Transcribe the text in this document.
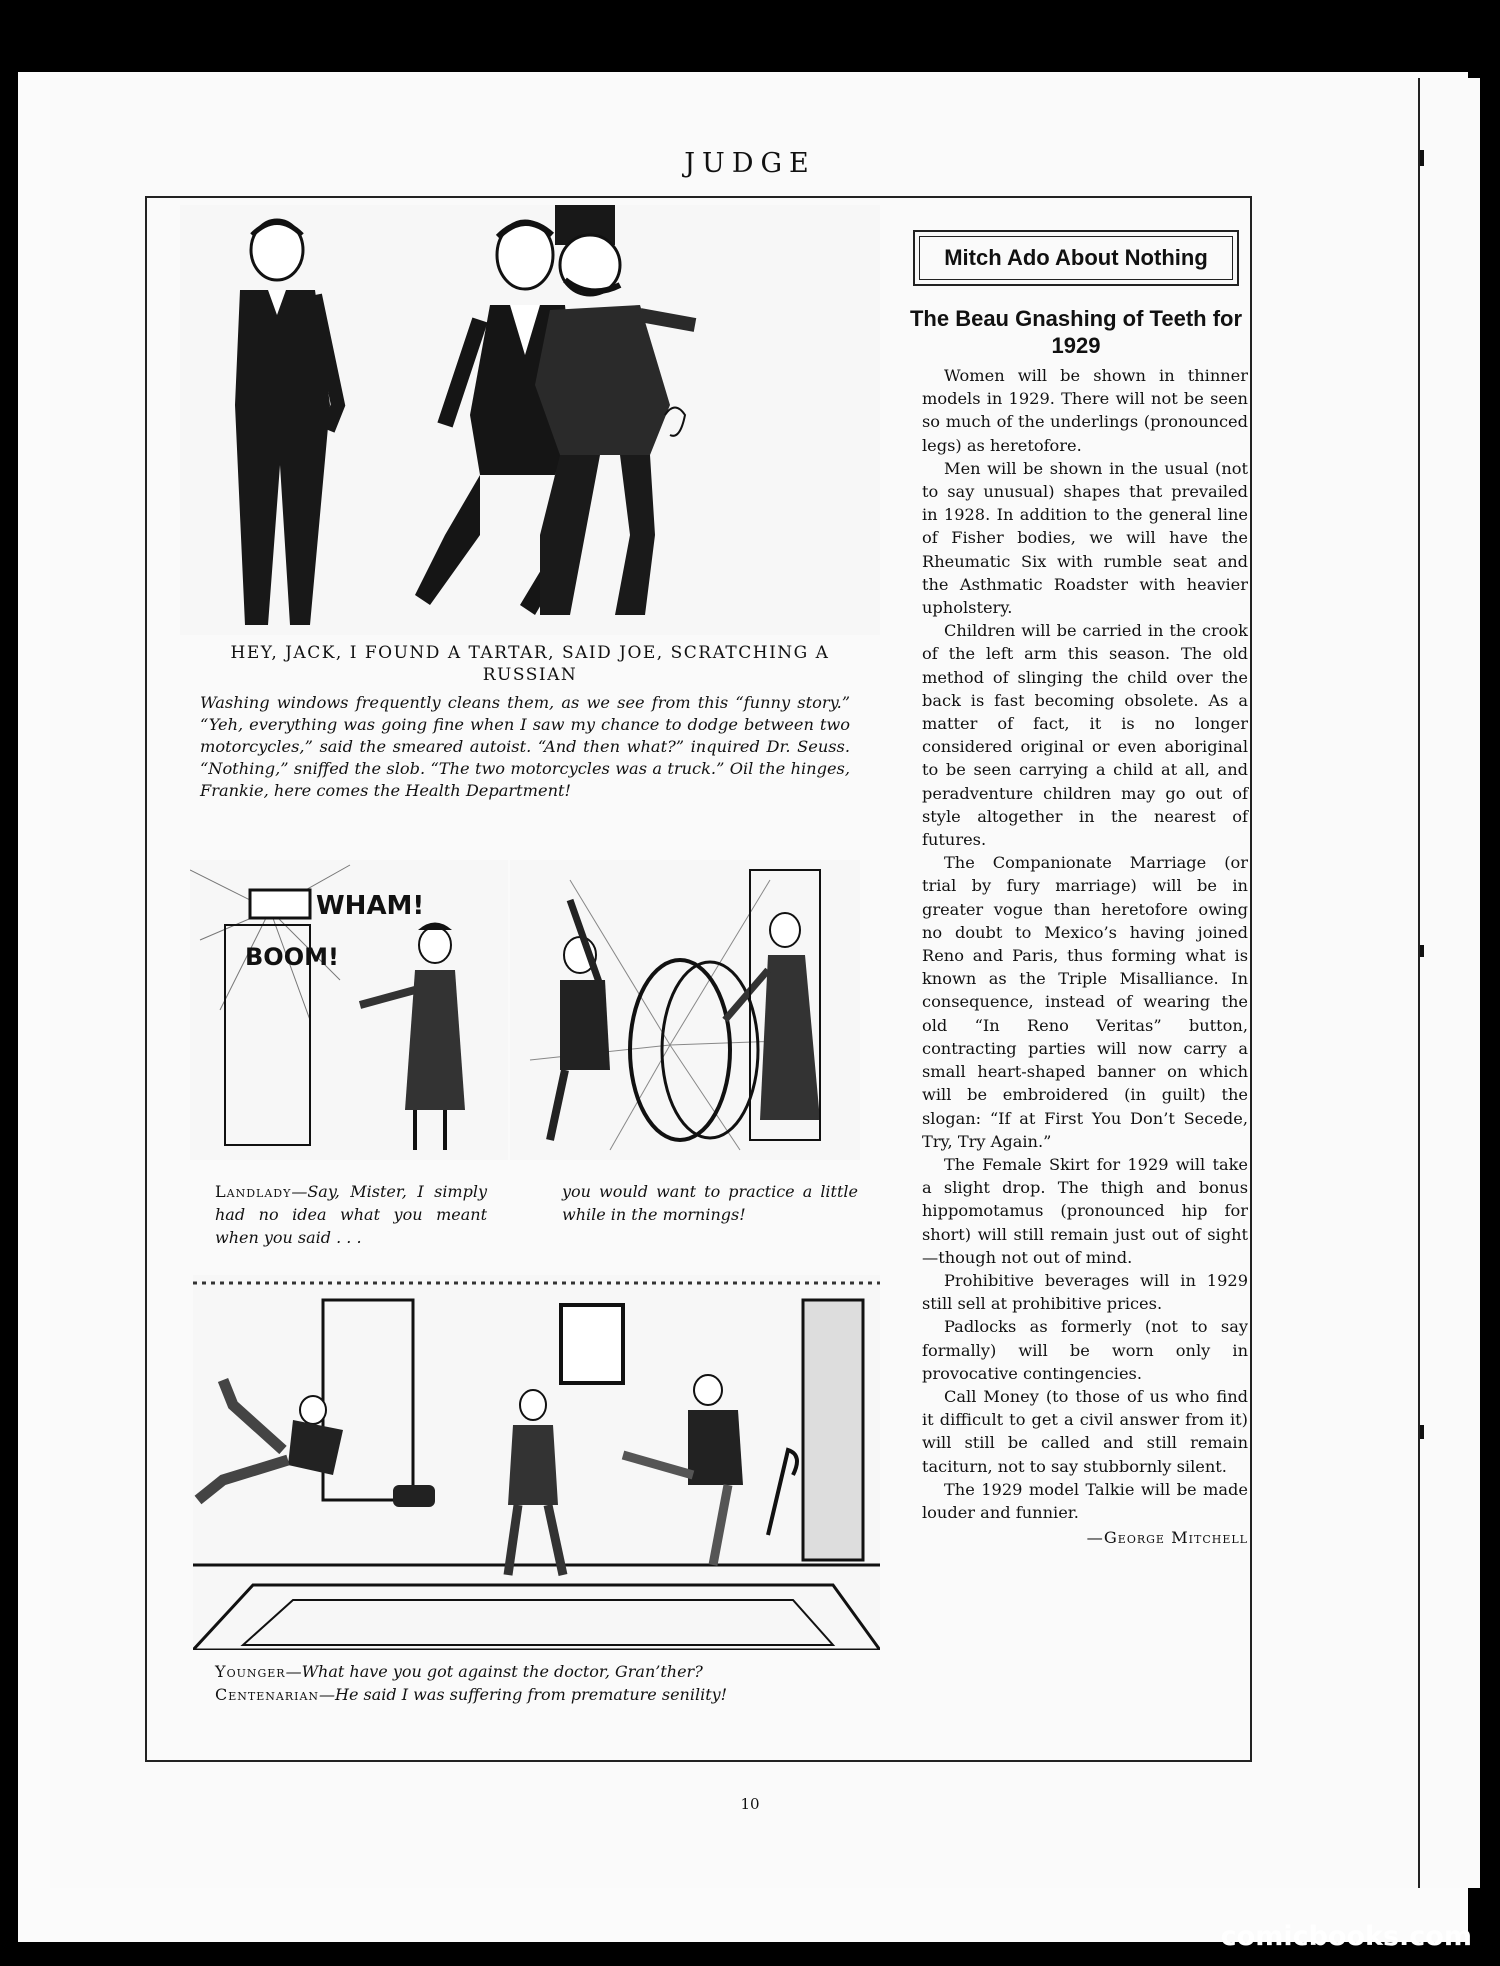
JUDGE
HEY, JACK, I FOUND A TARTAR, SAID JOE, SCRATCHING A RUSSIAN
Washing windows frequently cleans them, as we see from this “funny story.” “Yeh, everything was going fine when I saw my chance to dodge between two motorcycles,” said the smeared autoist. “And then what?” inquired Dr. Seuss. “Nothing,” sniffed the slob. “The two motorcycles was a truck.” Oil the hinges, Frankie, here comes the Health Department!
WHAM!
BOOM!
Landlady—Say, Mister, I simply had no idea what you meant when you said . . .
you would want to practice a little while in the mornings!
Younger—What have you got against the doctor, Gran’ther?
Centenarian—He said I was suffering from premature senility!
Mitch Ado About Nothing
The Beau Gnashing of Teeth for 1929

Women will be shown in thinner models in 1929. There will not be seen so much of the underlings (pronounced legs) as heretofore.

Men will be shown in the usual (not to say unusual) shapes that prevailed in 1928. In addition to the general line of Fisher bodies, we will have the Rheumatic Six with rumble seat and the Asthmatic Roadster with heavier upholstery.

Children will be carried in the crook of the left arm this season. The old method of slinging the child over the back is fast becoming obsolete. As a matter of fact, it is no longer considered original or even aboriginal to be seen carrying a child at all, and peradventure children may go out of style altogether in the nearest of futures.

The Companionate Marriage (or trial by fury marriage) will be in greater vogue than heretofore owing no doubt to Mexico’s having joined Reno and Paris, thus forming what is known as the Triple Misalliance. In consequence, instead of wearing the old “In Reno Veritas” button, contracting parties will now carry a small heart-shaped banner on which will be embroidered (in guilt) the slogan: “If at First You Don’t Secede, Try, Try Again.”

The Female Skirt for 1929 will take a slight drop. The thigh and bonus hippomotamus (pronounced hip for short) will still remain just out of sight—though not out of mind.

Prohibitive beverages will in 1929 still sell at prohibitive prices.

Padlocks as formerly (not to say formally) will be worn only in provocative contingencies.

Call Money (to those of us who find it difficult to get a civil answer from it) will still be called and still remain taciturn, not to say stubbornly silent.

The 1929 model Talkie will be made louder and funnier.

—George Mitchell
10
comicbooks.com
